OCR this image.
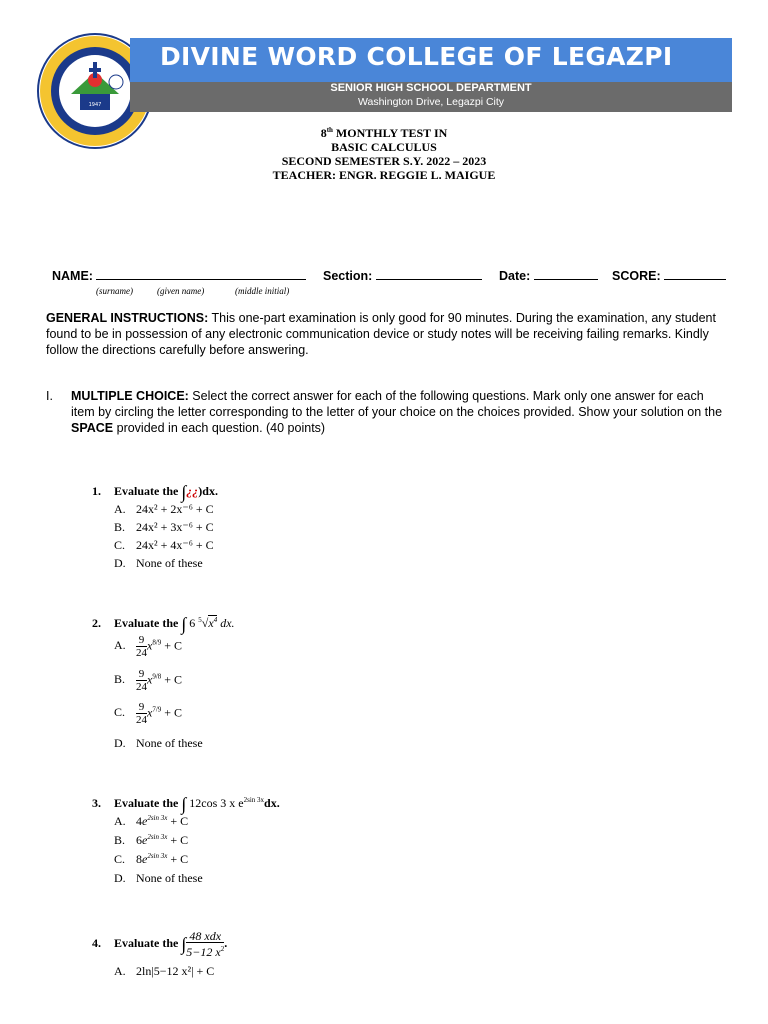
1947
DIVINE WORD COLLEGE OF LEGAZPI
SENIOR HIGH SCHOOL DEPARTMENT
Washington Drive, Legazpi City
8th MONTHLY TEST IN
BASIC CALCULUS
SECOND SEMESTER S.Y. 2022 – 2023
TEACHER: ENGR. REGGIE L. MAIGUE
NAME:	Section:	Date:	SCORE:
(surname)	(given name)	(middle initial)
GENERAL INSTRUCTIONS: This one-part examination is only good for 90 minutes. During the examination, any student found to be in possession of any electronic communication device or study notes will be receiving failing remarks. Kindly follow the directions carefully before answering.
I. MULTIPLE CHOICE: Select the correct answer for each of the following questions. Mark only one answer for each item by circling the letter corresponding to the letter of your choice on the choices provided. Show your solution on the SPACE provided in each question. (40 points)
1. Evaluate the ∫¿¿)dx.
A. 24x² + 2x⁻⁶ + C
B. 24x² + 3x⁻⁶ + C
C. 24x² + 4x⁻⁶ + C
D. None of these
2. Evaluate the ∫ 6 $^5√x^4$ dx.
A. $\frac{9}{24} x^{8/9} + C$
B. $\frac{9}{24} x^{9/8} + C$
C. $\frac{9}{24} x^{7/9} + C$
D. None of these
3. Evaluate the ∫ 12cos 3 x $e^{2sin 3x}dx$.
A. $4e^{2sin 3x} + C$
B. $6e^{2sin 3x} + C$
C. $8e^{2sin 3x} + C$
D. None of these
4. Evaluate the ∫ $\frac{\text{48 xdx}}{5-12 x^2}$ .
A. 2ln|5−12 x²| + C
